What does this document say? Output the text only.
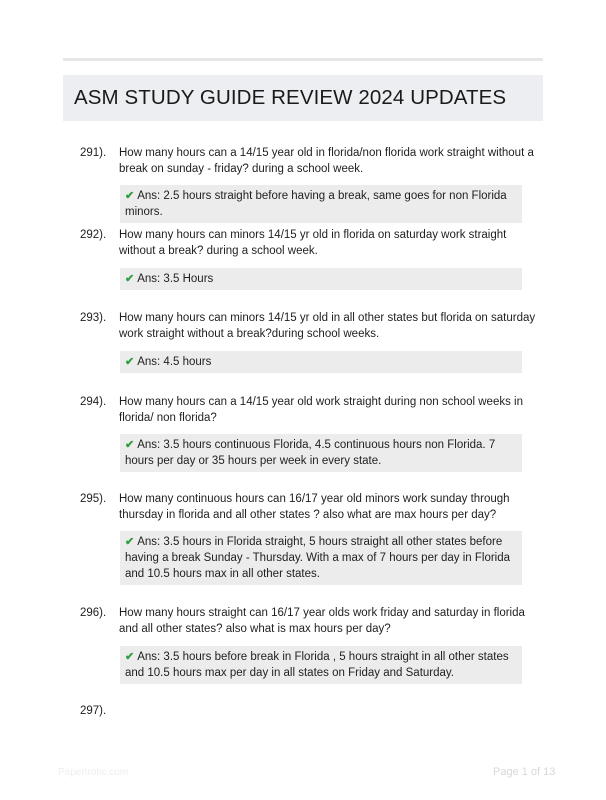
ASM STUDY GUIDE REVIEW 2024 UPDATES
291). How many hours can a 14/15 year old in florida/non florida work straight without a break on sunday - friday? during a school week.
✔ Ans: 2.5 hours straight before having a break, same goes for non Florida minors.
292). How many hours can minors 14/15 yr old in florida on saturday work straight without a break? during a school week.
✔ Ans: 3.5 Hours
293). How many hours can minors 14/15 yr old in all other states but florida on saturday work straight without a break?during school weeks.
✔ Ans: 4.5 hours
294). How many hours can a 14/15 year old work straight during non school weeks in florida/ non florida?
✔ Ans: 3.5 hours continuous Florida, 4.5 continuous hours non Florida. 7 hours per day or 35 hours per week in every state.
295). How many continuous hours can 16/17 year old minors work sunday through thursday in florida and all other states ? also what are max hours per day?
✔ Ans: 3.5 hours in Florida straight, 5 hours straight all other states before having a break Sunday - Thursday. With a max of 7 hours per day in Florida and 10.5 hours max in all other states.
296). How many hours straight can 16/17 year olds work friday and saturday in florida and all other states? also what is max hours per day?
✔ Ans: 3.5 hours before break in Florida , 5 hours straight in all other states and 10.5 hours max per day in all states on Friday and Saturday.
297).
Papertrotic.com	Page 1 of 13
